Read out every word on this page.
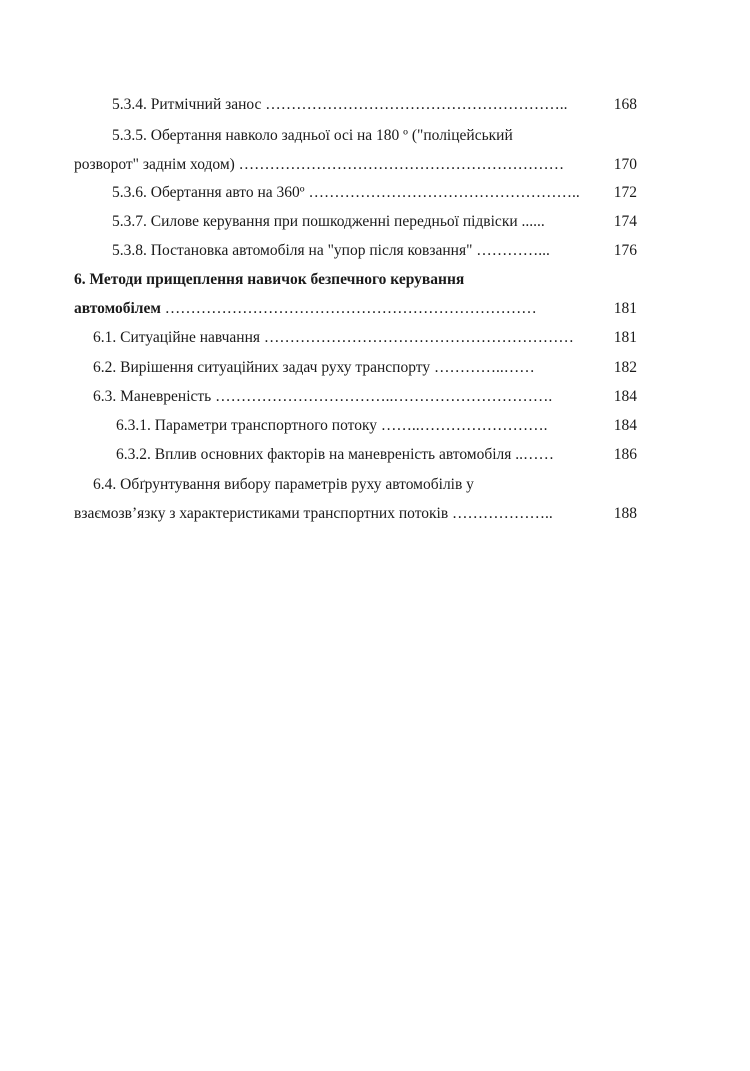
5.3.4. Ритмічний занос …………………………………………………..	168
5.3.5. Обертання навколо задньої осі на 180 º ("поліцейський
розворот" заднім ходом) ………………………………………………………	170
5.3.6. Обертання авто на 360º ……………………………………………..	172
5.3.7. Силове керування при пошкодженні передньої підвіски ......	174
5.3.8. Постановка автомобіля на "упор після ковзання" …………...	176
6. Методи прищеплення навичок безпечного керування
автомобілем ………………………………………………………………	181
6.1. Ситуаційне навчання ……………………………………………………	181
6.2. Вирішення ситуаційних задач руху транспорту …………..……	182
6.3. Маневреність ……………………………..………………………….	184
6.3.1. Параметри транспортного потоку ……..…………………….	184
6.3.2. Вплив основних факторів на маневреність автомобіля ..……	186
6.4. Обґрунтування вибору параметрів руху автомобілів у
взаємозв’язку з характеристиками транспортних потоків ………………..	188
